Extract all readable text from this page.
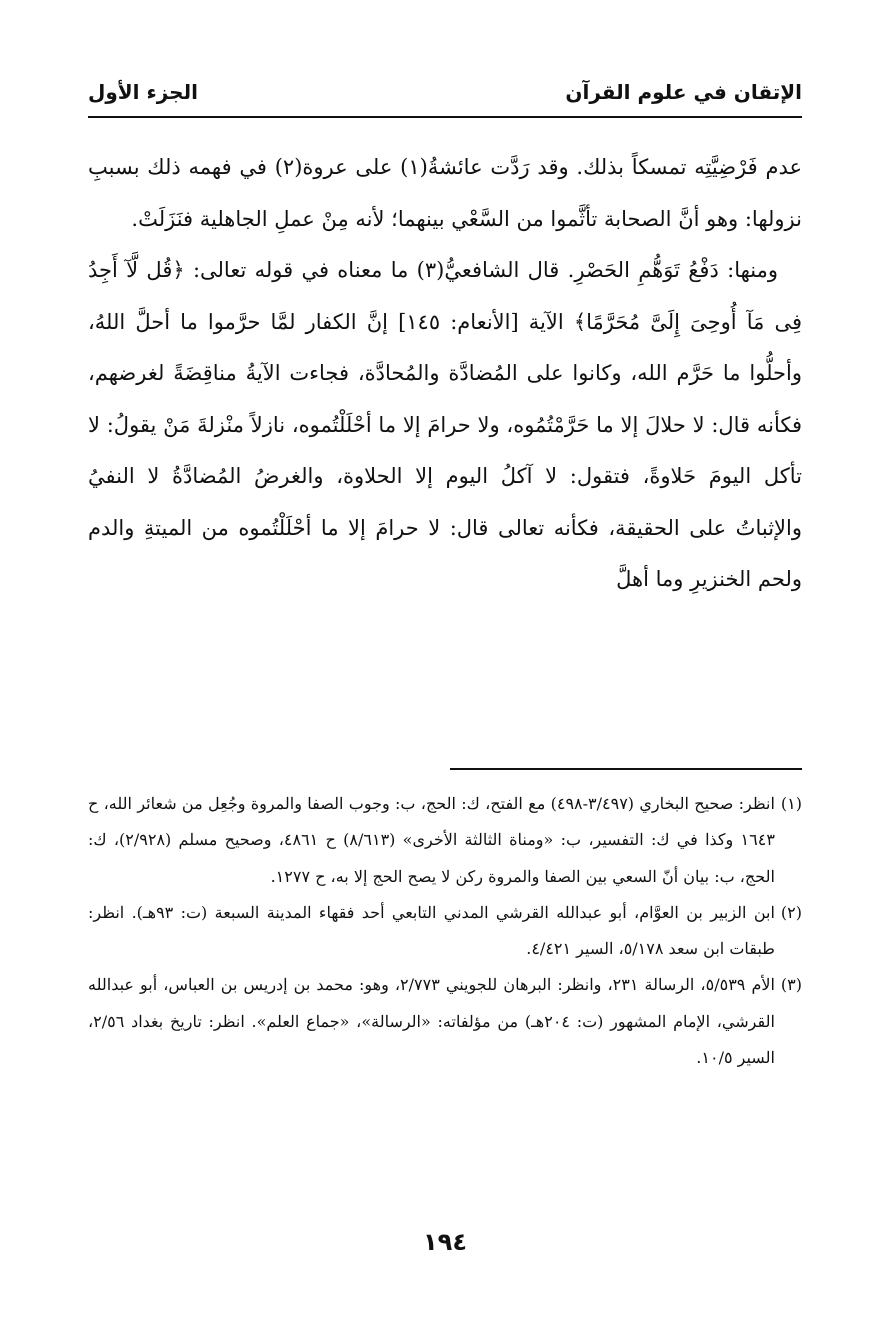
الإتقان في علوم القرآن
الجزء الأول

عدم فَرْضِيَّتِه تمسكاً بذلك. وقد رَدَّت عائشةُ(١) على عروة(٢) في فهمه ذلك بسببِ نزولها: وهو أنَّ الصحابة تأثَّموا من السَّعْي بينهما؛ لأنه مِنْ عملِ الجاهلية فنَزَلَتْ.

ومنها: دَفْعُ تَوَهُّمِ الحَصْرِ. قال الشافعيُّ(٣) ما معناه في قوله تعالى: ﴿قُل لَّآ أَجِدُ فِى مَآ أُوحِىَ إِلَىَّ مُحَرَّمًا﴾ الآية [الأنعام: ١٤٥] إنَّ الكفار لمَّا حرَّموا ما أحلَّ اللهُ، وأحلُّوا ما حَرَّم الله، وكانوا على المُضادَّة والمُحادَّة، فجاءت الآيةُ مناقِضَةً لغرضهم، فكأنه قال: لا حلالَ إلا ما حَرَّمْتُمُوه، ولا حرامَ إلا ما أحْلَلْتُموه، نازلاً منْزلةَ مَنْ يقولُ: لا تأكل اليومَ حَلاوةً، فتقول: لا آكلُ اليوم إلا الحلاوة، والغرضُ المُضادَّةُ لا النفيُ والإثباتُ على الحقيقة، فكأنه تعالى قال: لا حرامَ إلا ما أحْلَلْتُموه من الميتةِ والدم ولحم الخنزيرِ وما أهلَّ

(١)
انظر: صحيح البخاري (٣/٤٩٧-٤٩٨) مع الفتح، ك: الحج، ب: وجوب الصفا والمروة وجُعِل من شعائر الله، ح ١٦٤٣ وكذا في ك: التفسير، ب: «ومناة الثالثة الأخرى» (٨/٦١٣) ح ٤٨٦١، وصحيح مسلم (٢/٩٢٨)، ك: الحج، ب: بيان أنّ السعي بين الصفا والمروة ركن لا يصح الحج إلا به، ح ١٢٧٧.
(٢)
ابن الزبير بن العوَّام، أبو عبدالله القرشي المدني التابعي أحد فقهاء المدينة السبعة (ت: ٩٣هـ). انظر: طبقات ابن سعد ٥/١٧٨، السير ٤/٤٢١.
(٣)
الأم ٥/٥٣٩، الرسالة ٢٣١، وانظر: البرهان للجويني ٢/٧٧٣، وهو: محمد بن إدريس بن العباس، أبو عبدالله القرشي، الإمام المشهور (ت: ٢٠٤هـ) من مؤلفاته: «الرسالة»، «جماع العلم». انظر: تاريخ بغداد ٢/٥٦، السير ١٠/٥.
١٩٤
